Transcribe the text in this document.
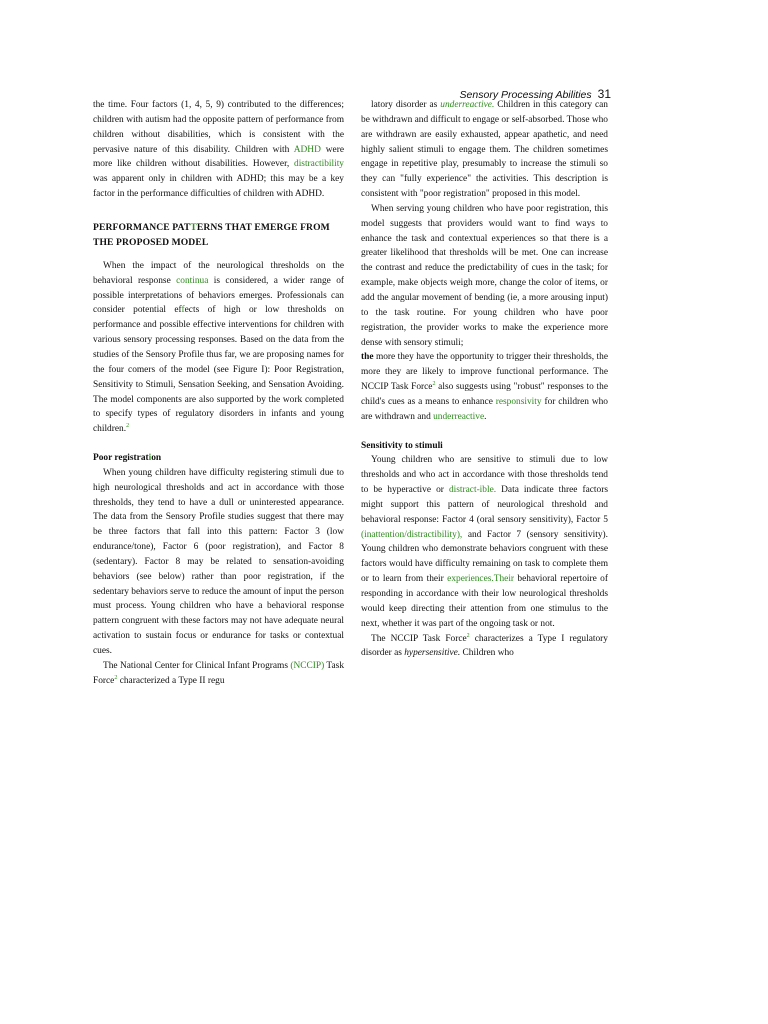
Sensory Processing Abilities 31

the time. Four factors (1, 4, 5, 9) contributed to the differences; children with autism had the opposite pattern of performance from children without disabilities, which is consistent with the pervasive nature of this disability. Children with ADHD were more like children without disabilities. However, distractibility was apparent only in children with ADHD; this may be a key factor in the performance difficulties of children with ADHD.

PERFORMANCE PATTERNS THAT EMERGE FROM THE PROPOSED MODEL

When the impact of the neurological thresholds on the behavioral response continua is considered, a wider range of possible interpretations of behaviors emerges. Professionals can consider potential effects of high or low thresholds on performance and possible effective interventions for children with various sensory processing responses. Based on the data from the studies of the Sensory Profile thus far, we are proposing names for the four comers of the model (see Figure I): Poor Registration, Sensitivity to Stimuli, Sensation Seeking, and Sensation Avoiding. The model components are also supported by the work completed to specify types of regulatory disorders in infants and young children.$^2$

Poor registration

When young children have difficulty registering stimuli due to high neurological thresholds and act in accordance with those thresholds, they tend to have a dull or uninterested appearance. The data from the Sensory Profile studies suggest that there may be three factors that fall into this pattern: Factor 3 (low endurance/tone), Factor 6 (poor registration), and Factor 8 (sedentary). Factor 8 may be related to sensation-avoiding behaviors (see below) rather than poor registration, if the sedentary behaviors serve to reduce the amount of input the person must process. Young children who have a behavioral response pattern congruent with these factors may not have adequate neural activation to sustain focus or endurance for tasks or contextual cues.

The National Center for Clinical Infant Programs (NCCIP) Task Force$^2$ characterized a Type II regu

latory disorder as underreactive. Children in this category can be withdrawn and difficult to engage or self-absorbed. Those who are withdrawn are easily exhausted, appear apathetic, and need highly salient stimuli to engage them. The children sometimes engage in repetitive play, presumably to increase the stimuli so they can "fully experience" the activities. This description is consistent with "poor registration" proposed in this model.

When serving young children who have poor registration, this model suggests that providers would want to find ways to enhance the task and contextual experiences so that there is a greater likelihood that thresholds will be met. One can increase the contrast and reduce the predictability of cues in the task; for example, make objects weigh more, change the color of items, or add the angular movement of bending (ie, a more arousing input) to the task routine. For young children who have poor registration, the provider works to make the experience more dense with sensory stimuli;

the more they have the opportunity to trigger their thresholds, the more they are likely to improve functional performance. The NCCIP Task Force$^2$ also suggests using "robust" responses to the child's cues as a means to enhance responsivity for children who are withdrawn and underreactive.

Sensitivity to stimuli

Young children who are sensitive to stimuli due to low thresholds and who act in accordance with those thresholds tend to be hyperactive or distract-ible. Data indicate three factors might support this pattern of neurological threshold and behavioral response: Factor 4 (oral sensory sensitivity), Factor 5 (inattention/distractibility), and Factor 7 (sensory sensitivity). Young children who demonstrate behaviors congruent with these factors would have difficulty remaining on task to complete them or to learn from their experiences.Their behavioral repertoire of responding in accordance with their low neurological thresholds would keep directing their attention from one stimulus to the next, whether it was part of the ongoing task or not.

The NCCIP Task Force$^2$ characterizes a Type I regulatory disorder as hypersensitive. Children who
